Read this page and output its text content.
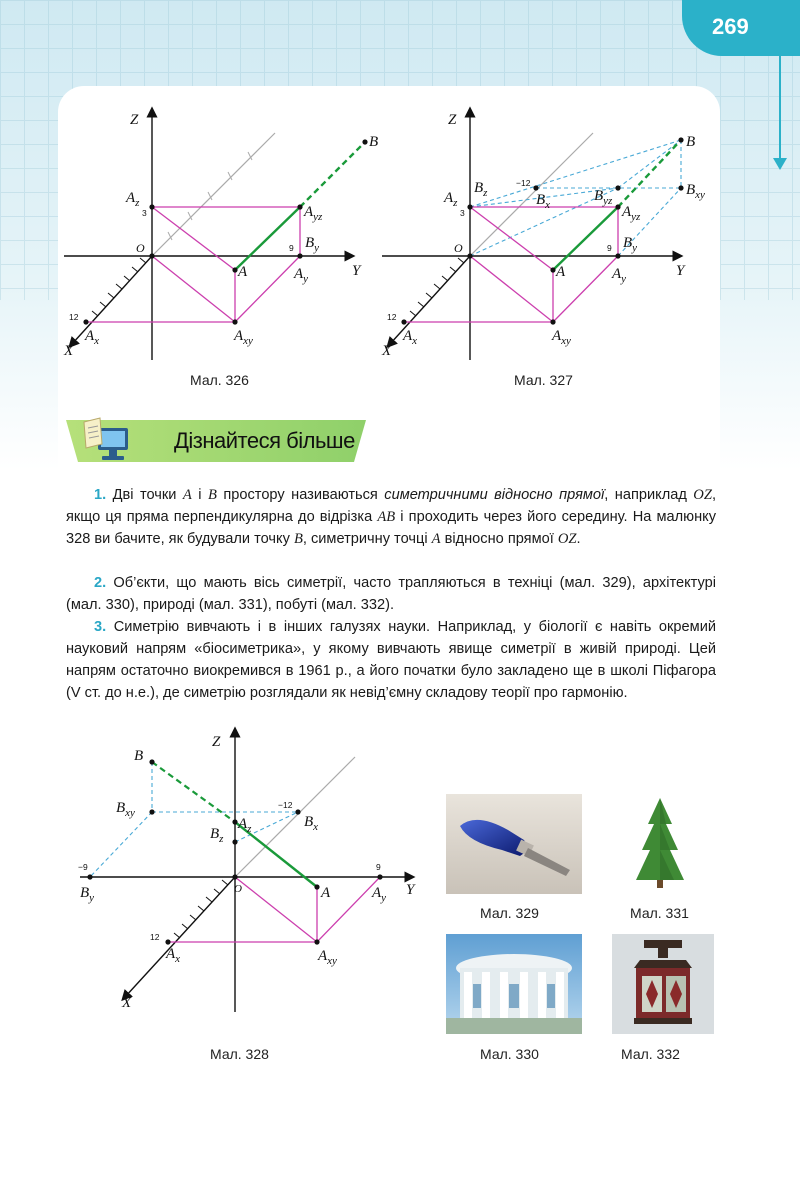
269
Z
Y
X
O
B
A
$A_z$
$A_{yz}$
$B_y$
$A_y$
$A_x$	$A_{xy}$
3
9
12
Мал. 326
Z
Y
X
O
B
A
$A_z$
$B_z$	$B_x$
$B_{yz}$
$B_{xy}$
$A_{yz}$
$B_y$
$A_y$
$A_x$	$A_{xy}$
3
9
12
−12
Мал. 327
Дізнайтеся більше
1. Дві точки A і B простору називаються симетричними відносно прямої, наприклад OZ, якщо ця пряма перпендикулярна до відрізка AB і проходить через його середину. На малюнку 328 ви бачите, як будували точку B, симетричну точці A відносно прямої OZ.
2. Об’єкти, що мають вісь симетрії, часто трапляються в техніці (мал. 329), архітектурі (мал. 330), природі (мал. 331), побуті (мал. 332).
3. Симетрію вивчають і в інших галузях науки. Наприклад, у біології є навіть окремий науковий напрям «біосиметрика», у якому вивчають явище симетрії в живій природі. Цей напрям остаточно виокремився в 1961 р., а його початки було закладено ще в школі Піфагора (V ст. до н.е.), де симетрію розглядали як невід’ємну складову теорії про гармонію.
Z
Y
X
O
B
A
$B_{xy}$
$B_x$
$A_z$
$B_z$
$B_y$	$A_y$
$A_x$	$A_{xy}$
−9	9
−12
12
Мал. 328
Мал. 329	Мал. 331
Мал. 330	Мал. 332
